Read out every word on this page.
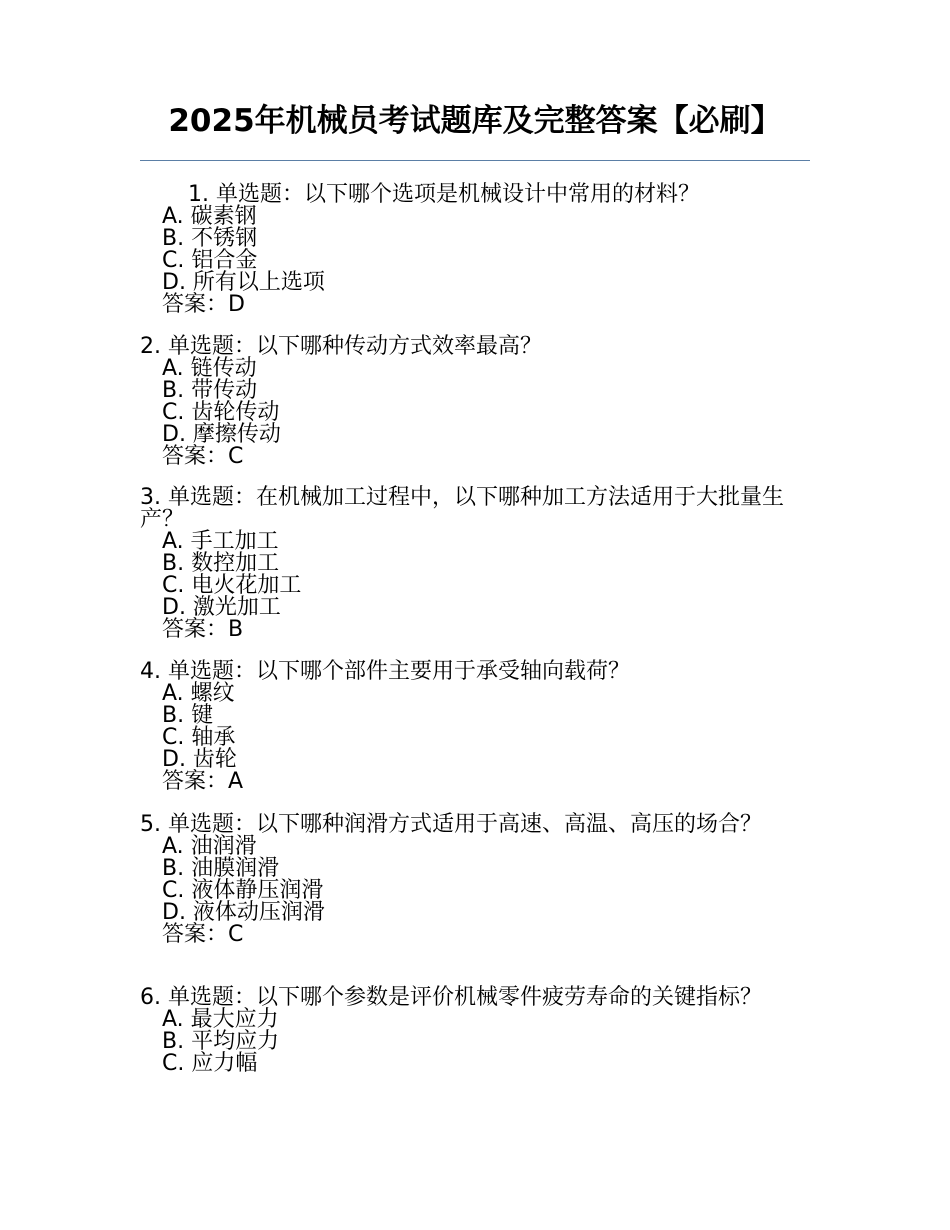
2025年机械员考试题库及完整答案【必刷】

1. 单选题：以下哪个选项是机械设计中常用的材料？

A. 碳素钢

B. 不锈钢

C. 铝合金

D. 所有以上选项

答案：D

2. 单选题：以下哪种传动方式效率最高？

A. 链传动

B. 带传动

C. 齿轮传动

D. 摩擦传动

答案：C

3. 单选题：在机械加工过程中，以下哪种加工方法适用于大批量生产？

A. 手工加工

B. 数控加工

C. 电火花加工

D. 激光加工

答案：B

4. 单选题：以下哪个部件主要用于承受轴向载荷？

A. 螺纹

B. 键

C. 轴承

D. 齿轮

答案：A

5. 单选题：以下哪种润滑方式适用于高速、高温、高压的场合？

A. 油润滑

B. 油膜润滑

C. 液体静压润滑

D. 液体动压润滑

答案：C

6. 单选题：以下哪个参数是评价机械零件疲劳寿命的关键指标？

A. 最大应力

B. 平均应力

C. 应力幅
